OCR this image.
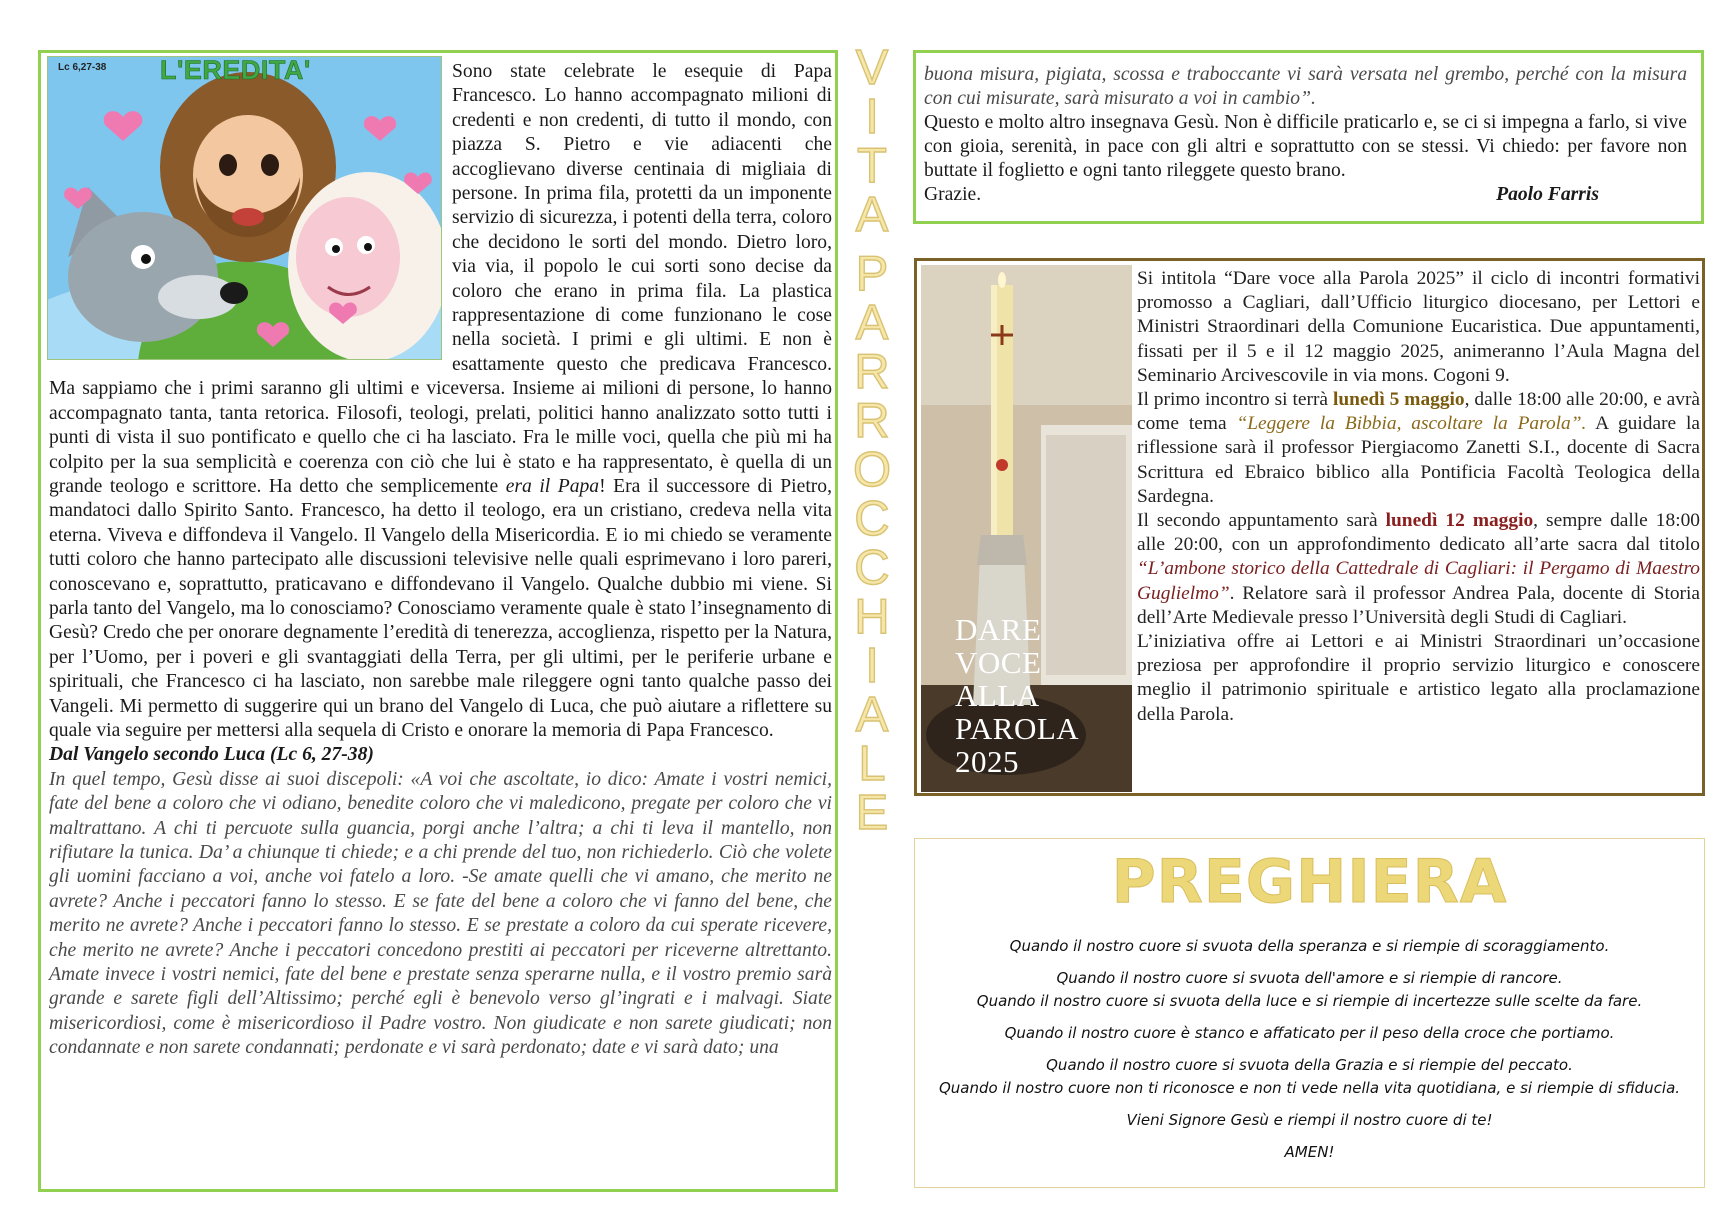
Lc 6,27-38 L'EREDITA'	Sono state celebrate le esequie di Papa Francesco. Lo hanno accompagnato milioni di credenti e non credenti, di tutto il mondo, con piazza S. Pietro e vie adiacenti che accoglievano diverse centinaia di migliaia di persone. In prima fila, protetti da un imponente servizio di sicurezza, i potenti della terra, coloro che decidono le sorti del mondo. Dietro loro, via via, il popolo le cui sorti sono decise da coloro che erano in prima fila. La plastica rappresentazione di come funzionano le cose nella società. I primi e gli ultimi. E non è esattamente questo che predicava Francesco. Ma sappiamo che i primi saranno gli ultimi e viceversa. Insieme ai milioni di persone, lo hanno accompagnato tanta, tanta retorica. Filosofi, teologi, prelati, politici hanno analizzato sotto tutti i punti di vista il suo pontificato e quello che ci ha lasciato. Fra le mille voci, quella che più mi ha colpito per la sua semplicità e coerenza con ciò che lui è stato e ha rappresentato, è quella di un grande teologo e scrittore. Ha detto che semplicemente era il Papa! Era il successore di Pietro, mandatoci dallo Spirito Santo. Francesco, ha detto il teologo, era un cristiano, credeva nella vita eterna. Viveva e diffondeva il Vangelo. Il Vangelo della Misericordia. E io mi chiedo se veramente tutti coloro che hanno partecipato alle discussioni televisive nelle quali esprimevano i loro pareri, conoscevano e, soprattutto, praticavano e diffondevano il Vangelo. Qualche dubbio mi viene. Si parla tanto del Vangelo, ma lo conosciamo? Conosciamo veramente quale è stato l’insegnamento di Gesù? Credo che per onorare degnamente l’eredità di tenerezza, accoglienza, rispetto per la Natura, per l’Uomo, per i poveri e gli svantaggiati della Terra, per gli ultimi, per le periferie urbane e spirituali, che Francesco ci ha lasciato, non sarebbe male rileggere ogni tanto qualche passo dei Vangeli. Mi permetto di suggerire qui un brano del Vangelo di Luca, che può aiutare a riflettere su quale via seguire per mettersi alla sequela di Cristo e onorare la memoria di Papa Francesco.
Dal Vangelo secondo Luca (Lc 6, 27-38)
In quel tempo, Gesù disse ai suoi discepoli: «A voi che ascoltate, io dico: Amate i vostri nemici, fate del bene a coloro che vi odiano, benedite coloro che vi maledicono, pregate per coloro che vi maltrattano. A chi ti percuote sulla guancia, porgi anche l’altra; a chi ti leva il mantello, non rifiutare la tunica. Da’ a chiunque ti chiede; e a chi prende del tuo, non richiederlo. Ciò che volete gli uomini facciano a voi, anche voi fatelo a loro. -Se amate quelli che vi amano, che merito ne avrete? Anche i peccatori fanno lo stesso. E se fate del bene a coloro che vi fanno del bene, che merito ne avrete? Anche i peccatori fanno lo stesso. E se prestate a coloro da cui sperate ricevere, che merito ne avrete? Anche i peccatori concedono prestiti ai peccatori per riceverne altrettanto. Amate invece i vostri nemici, fate del bene e prestate senza sperarne nulla, e il vostro premio sarà grande e sarete figli dell’Altissimo; perché egli è benevolo verso gl’ingrati e i malvagi. Siate misericordiosi, come è misericordioso il Padre vostro. Non giudicate e non sarete giudicati; non condannate e non sarete condannati; perdonate e vi sarà perdonato; date e vi sarà dato; una
V
I
T
A
P
A
R
R
O
C
C
H
I
A
L
E
buona misura, pigiata, scossa e traboccante vi sarà versata nel grembo, perché con la misura con cui misurate, sarà misurato a voi in cambio”.
Questo e molto altro insegnava Gesù. Non è difficile praticarlo e, se ci si impegna a farlo, si vive con gioia, serenità, in pace con gli altri e soprattutto con se stessi. Vi chiedo: per favore non buttate il foglietto e ogni tanto rileggete questo brano.
Grazie.	Paolo Farris
DARE
VOCE
ALLA
PAROLA
2025
Si intitola “Dare voce alla Parola 2025” il ciclo di incontri formativi promosso a Cagliari, dall’Ufficio liturgico diocesano, per Lettori e Ministri Straordinari della Comunione Eucaristica. Due appuntamenti, fissati per il 5 e il 12 maggio 2025, animeranno l’Aula Magna del Seminario Arcivescovile in via mons. Cogoni 9.
Il primo incontro si terrà lunedì 5 maggio, dalle 18:00 alle 20:00, e avrà come tema “Leggere la Bibbia, ascoltare la Parola”. A guidare la riflessione sarà il professor Piergiacomo Zanetti S.I., docente di Sacra Scrittura ed Ebraico biblico alla Pontificia Facoltà Teologica della Sardegna.
Il secondo appuntamento sarà lunedì 12 maggio, sempre dalle 18:00 alle 20:00, con un approfondimento dedicato all’arte sacra dal titolo “L’ambone storico della Cattedrale di Cagliari: il Pergamo di Maestro Guglielmo”. Relatore sarà il professor Andrea Pala, docente di Storia dell’Arte Medievale presso l’Università degli Studi di Cagliari.
L’iniziativa offre ai Lettori e ai Ministri Straordinari un’occasione preziosa per approfondire il proprio servizio liturgico e conoscere meglio il patrimonio spirituale e artistico legato alla proclamazione della Parola.
PREGHIERA
Quando il nostro cuore si svuota della speranza e si riempie di scoraggiamento.
Quando il nostro cuore si svuota dell'amore e si riempie di rancore.
Quando il nostro cuore si svuota della luce e si riempie di incertezze sulle scelte da fare.
Quando il nostro cuore è stanco e affaticato per il peso della croce che portiamo.
Quando il nostro cuore si svuota della Grazia e si riempie del peccato.
Quando il nostro cuore non ti riconosce e non ti vede nella vita quotidiana, e si riempie di sfiducia.
Vieni Signore Gesù e riempi il nostro cuore di te!
AMEN!
